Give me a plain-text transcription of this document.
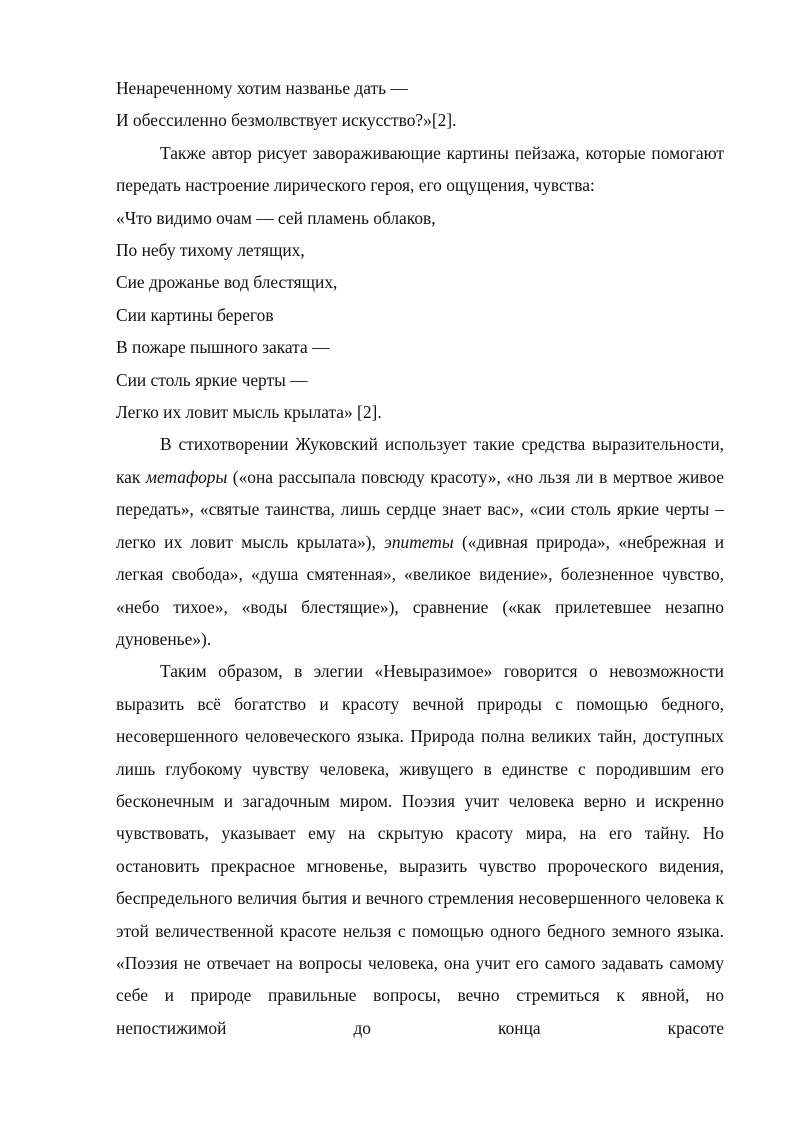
Ненареченному хотим названье дать —
И обессиленно безмолвствует искусство?»[2].

Также автор рисует завораживающие картины пейзажа, которые помогают передать настроение лирического героя, его ощущения, чувства:

«Что видимо очам — сей пламень облаков,
По небу тихому летящих,
Сие дрожанье вод блестящих,
Сии картины берегов
В пожаре пышного заката —
Сии столь яркие черты —
Легко их ловит мысль крылата» [2].

В стихотворении Жуковский использует такие средства выразительности, как метафоры («она рассыпала повсюду красоту», «но льзя ли в мертвое живое передать», «святые таинства, лишь сердце знает вас», «сии столь яркие черты – легко их ловит мысль крылата»), эпитеты («дивная природа», «небрежная и легкая свобода», «душа смятенная», «великое видение», болезненное чувство, «небо тихое», «воды блестящие»), сравнение («как прилетевшее незапно дуновенье»).

Таким образом, в элегии «Невыразимое» говорится о невозможности выразить всё богатство и красоту вечной природы с помощью бедного, несовершенного человеческого языка. Природа полна великих тайн, доступных лишь глубокому чувству человека, живущего в единстве с породившим его бесконечным и загадочным миром. Поэзия учит человека верно и искренно чувствовать, указывает ему на скрытую красоту мира, на его тайну. Но остановить прекрасное мгновенье, выразить чувство пророческого видения, беспредельного величия бытия и вечного стремления несовершенного человека к этой величественной красоте нельзя с помощью одного бедного земного языка. «Поэзия не отвечает на вопросы человека, она учит его самого задавать самому себе и природе правильные вопросы, вечно стремиться к явной, но непостижимой до конца красоте
